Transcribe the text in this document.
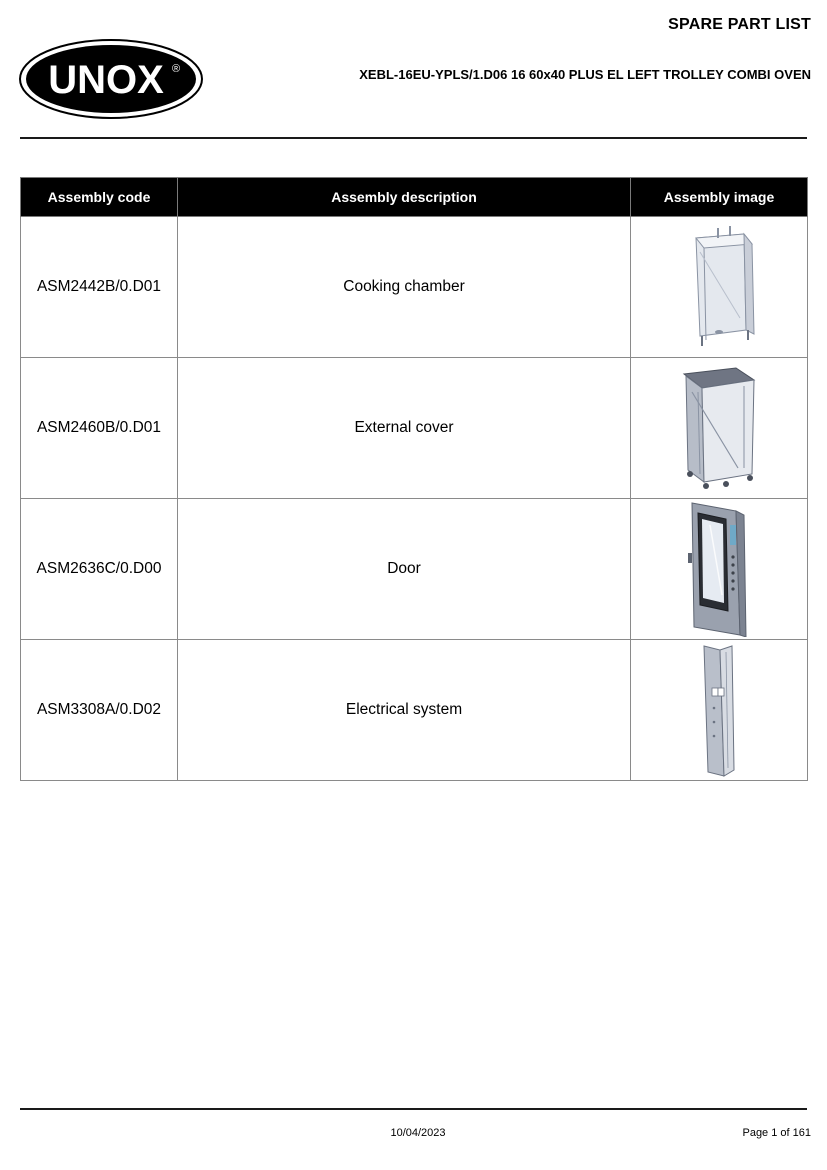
SPARE PART LIST
UNOX ®	XEBL-16EU-YPLS/1.D06 16 60x40 PLUS EL LEFT TROLLEY COMBI OVEN
Assembly code	Assembly description	Assembly image
ASM2442B/0.D01	Cooking chamber	

ASM2460B/0.D01	External cover	

ASM2636C/0.D00	Door	

ASM3308A/0.D02	Electrical system	
10/04/2023	Page 1 of 161
